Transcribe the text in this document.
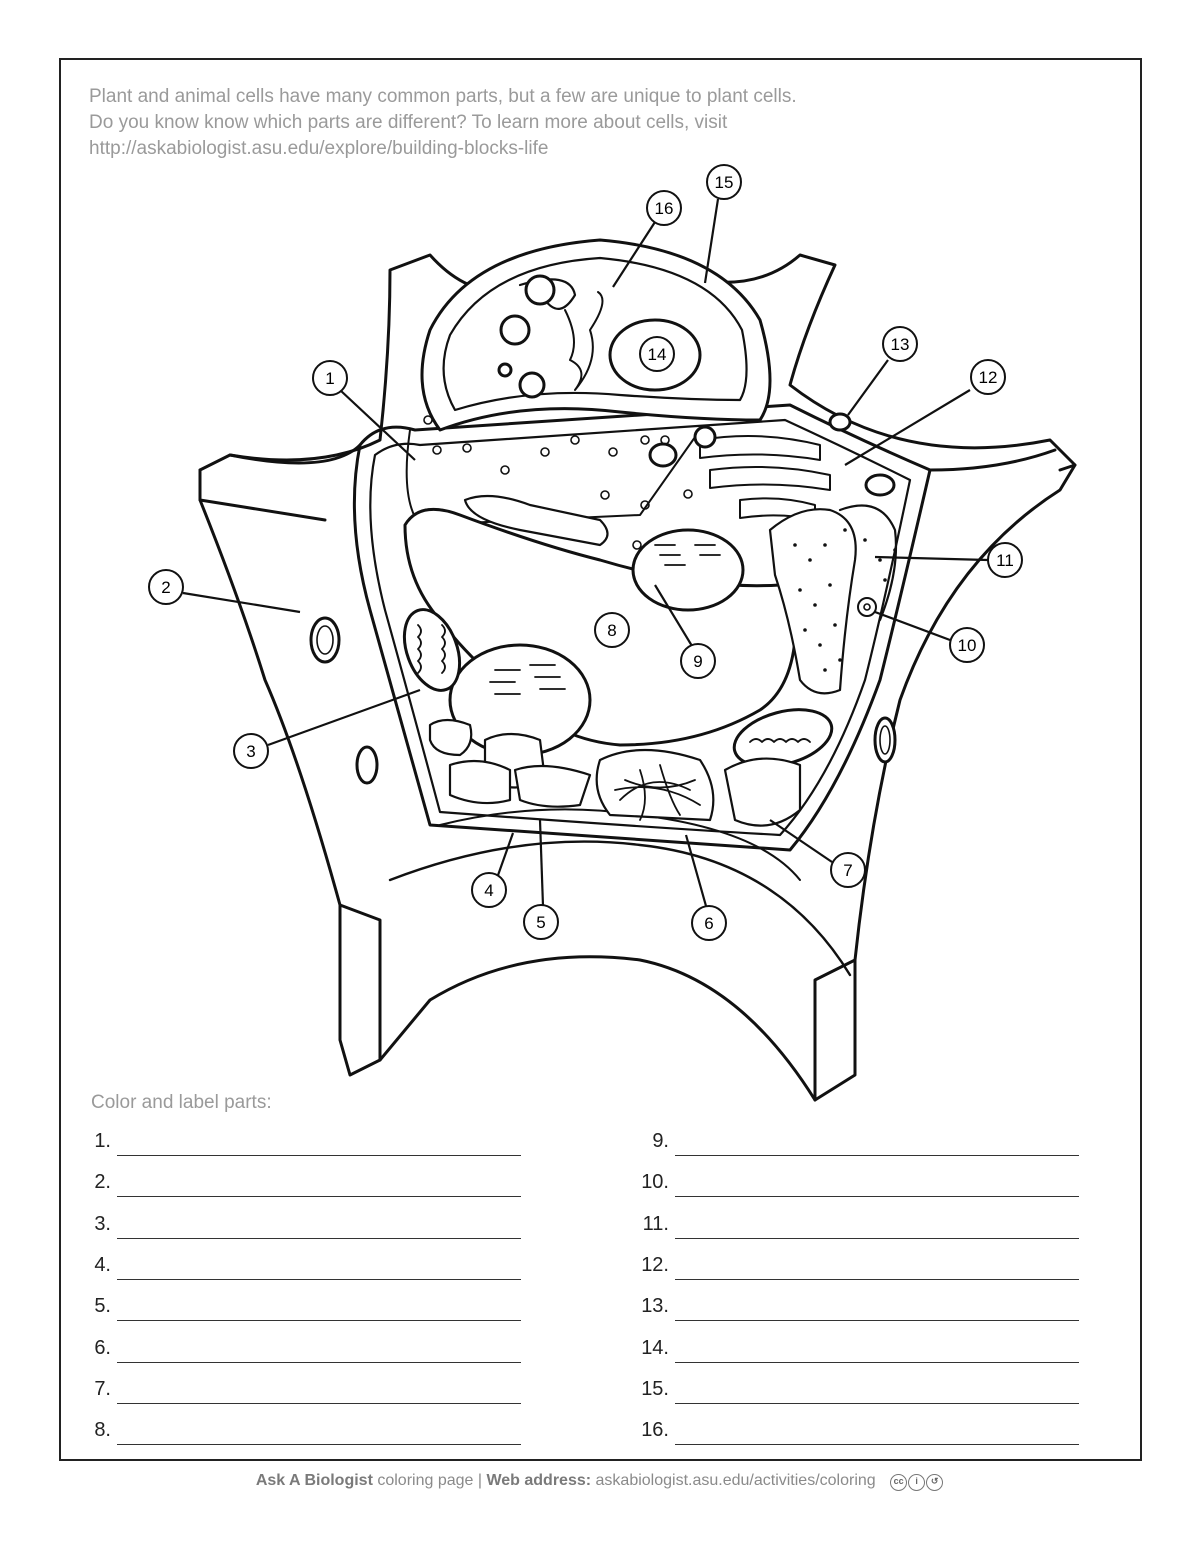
Plant and animal cells have many common parts, but a few are unique to plant cells.
Do you know know which parts are different? To learn more about cells, visit
http://askabiologist.asu.edu/explore/building-blocks-life
1
2
3
4
5	6
7
8
9
10
11
12
13
14
15
16
Color and label parts:
1.
2.
3.
4.
5.
6.
7.
8.
9.
10.
11.
12.
13.
14.
15.
16.
Ask A Biologist coloring page | Web address: askabiologist.asu.edu/activities/coloring cc i ↺
